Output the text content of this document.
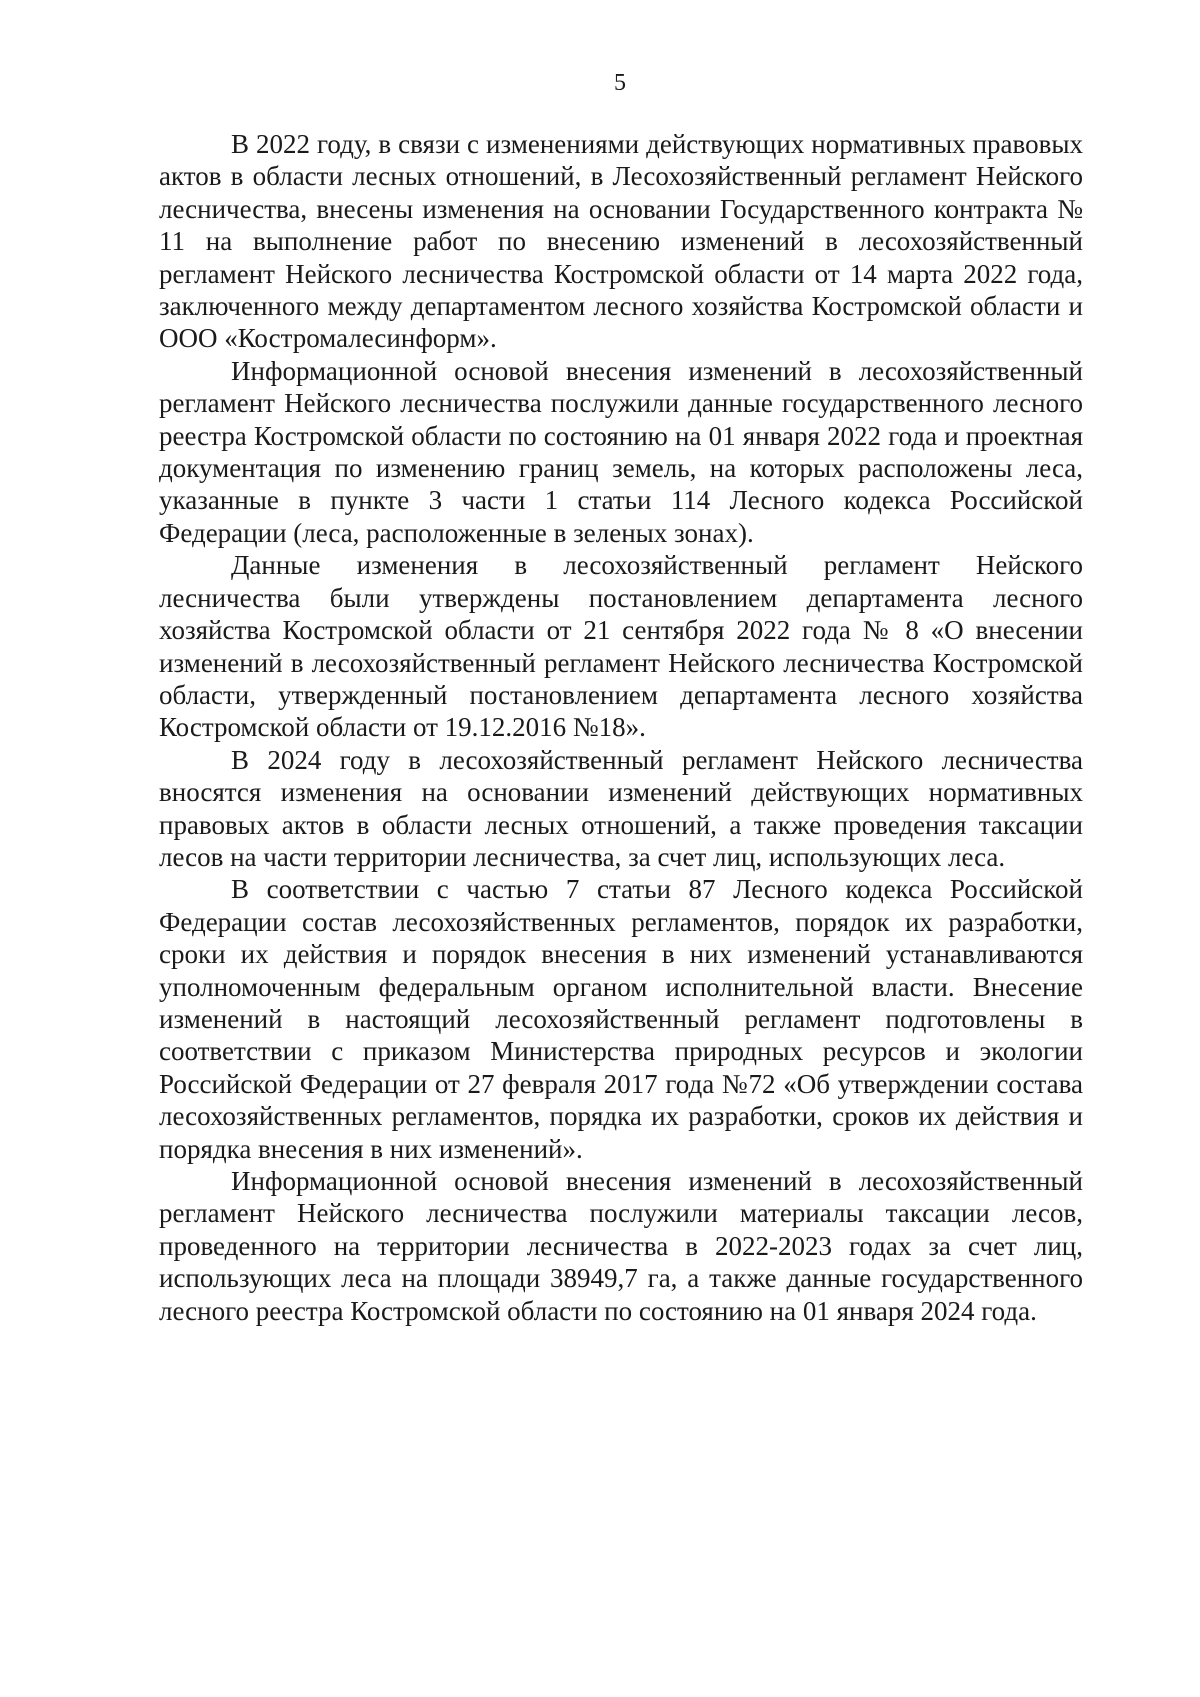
5

В 2022 году, в связи с изменениями действующих нормативных правовых актов в области лесных отношений, в Лесохозяйственный регламент Нейского лесничества, внесены изменения на основании Государственного контракта № 11 на выполнение работ по внесению изменений в лесохозяйственный регламент Нейского лесничества Костромской области от 14 марта 2022 года, заключенного между департаментом лесного хозяйства Костромской области и ООО «Костромалесинформ».

Информационной основой внесения изменений в лесохозяйственный регламент Нейского лесничества послужили данные государственного лесного реестра Костромской области по состоянию на 01 января 2022 года и проектная документация по изменению границ земель, на которых расположены леса, указанные в пункте 3 части 1 статьи 114 Лесного кодекса Российской Федерации (леса, расположенные в зеленых зонах).

Данные изменения в лесохозяйственный регламент Нейского лесничества были утверждены постановлением департамента лесного хозяйства Костромской области от 21 сентября 2022 года № 8 «О внесении изменений в лесохозяйственный регламент Нейского лесничества Костромской области, утвержденный постановлением департамента лесного хозяйства Костромской области от 19.12.2016 №18».

В 2024 году в лесохозяйственный регламент Нейского лесничества вносятся изменения на основании изменений действующих нормативных правовых актов в области лесных отношений, а также проведения таксации лесов на части территории лесничества, за счет лиц, использующих леса.

В соответствии с частью 7 статьи 87 Лесного кодекса Российской Федерации состав лесохозяйственных регламентов, порядок их разработки, сроки их действия и порядок внесения в них изменений устанавливаются уполномоченным федеральным органом исполнительной власти. Внесение изменений в настоящий лесохозяйственный регламент подготовлены в соответствии с приказом Министерства природных ресурсов и экологии Российской Федерации от 27 февраля 2017 года №72 «Об утверждении состава лесохозяйственных регламентов, порядка их разработки, сроков их действия и порядка внесения в них изменений».

Информационной основой внесения изменений в лесохозяйственный регламент Нейского лесничества послужили материалы таксации лесов, проведенного на территории лесничества в 2022-2023 годах за счет лиц, использующих леса на площади 38949,7 га, а также данные государственного лесного реестра Костромской области по состоянию на 01 января 2024 года.
